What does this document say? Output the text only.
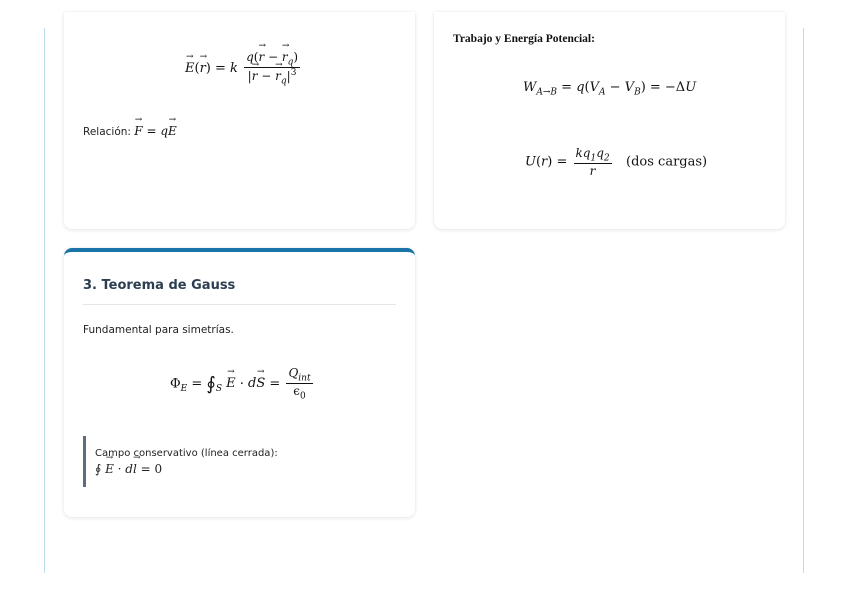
→ E(→ r) = k $\frac{q(\to r - \to r_q)}{|\to r - \to r_q|^3}$
Relación: → F = q→ E
Trabajo y Energía Potencial:
$W_{A\to B} = q(V_A - V_B) = -\Delta U$
$U(r) = \frac{kq_1q_2}{r} (dos$ cargas)
3. Teorema de Gauss
Fundamental para simetrías.
$\Phi_E$ = $∮_S \to E \cdot d\to S = \frac{Q_{int}}{\epsilon_0}$
Campo conservativo (línea cerrada):
∮ → E · d→ l = 0
